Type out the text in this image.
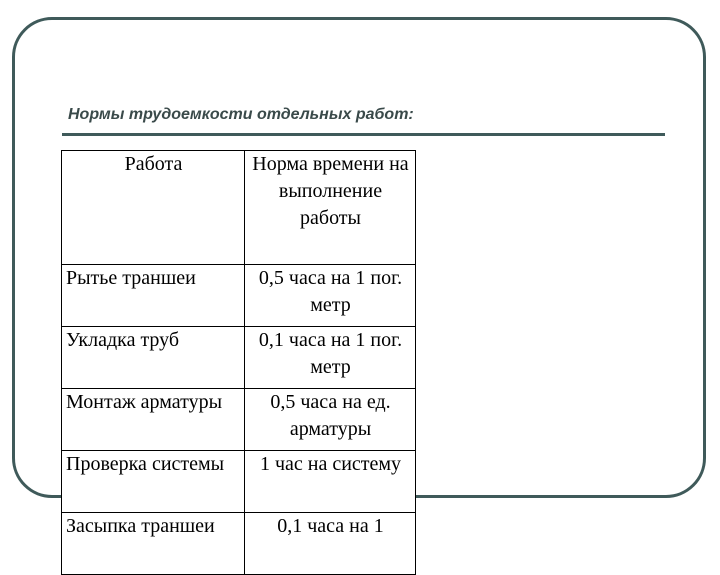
Нормы трудоемкости отдельных работ:
Работа	Норма времени на выполнение работы
Рытье траншеи	0,5 часа на 1 пог. метр
Укладка труб	0,1 часа на 1 пог. метр
Монтаж арматуры	0,5 часа на ед. арматуры
Проверка системы	1 час на систему
Засыпка траншеи	0,1 часа на 1
